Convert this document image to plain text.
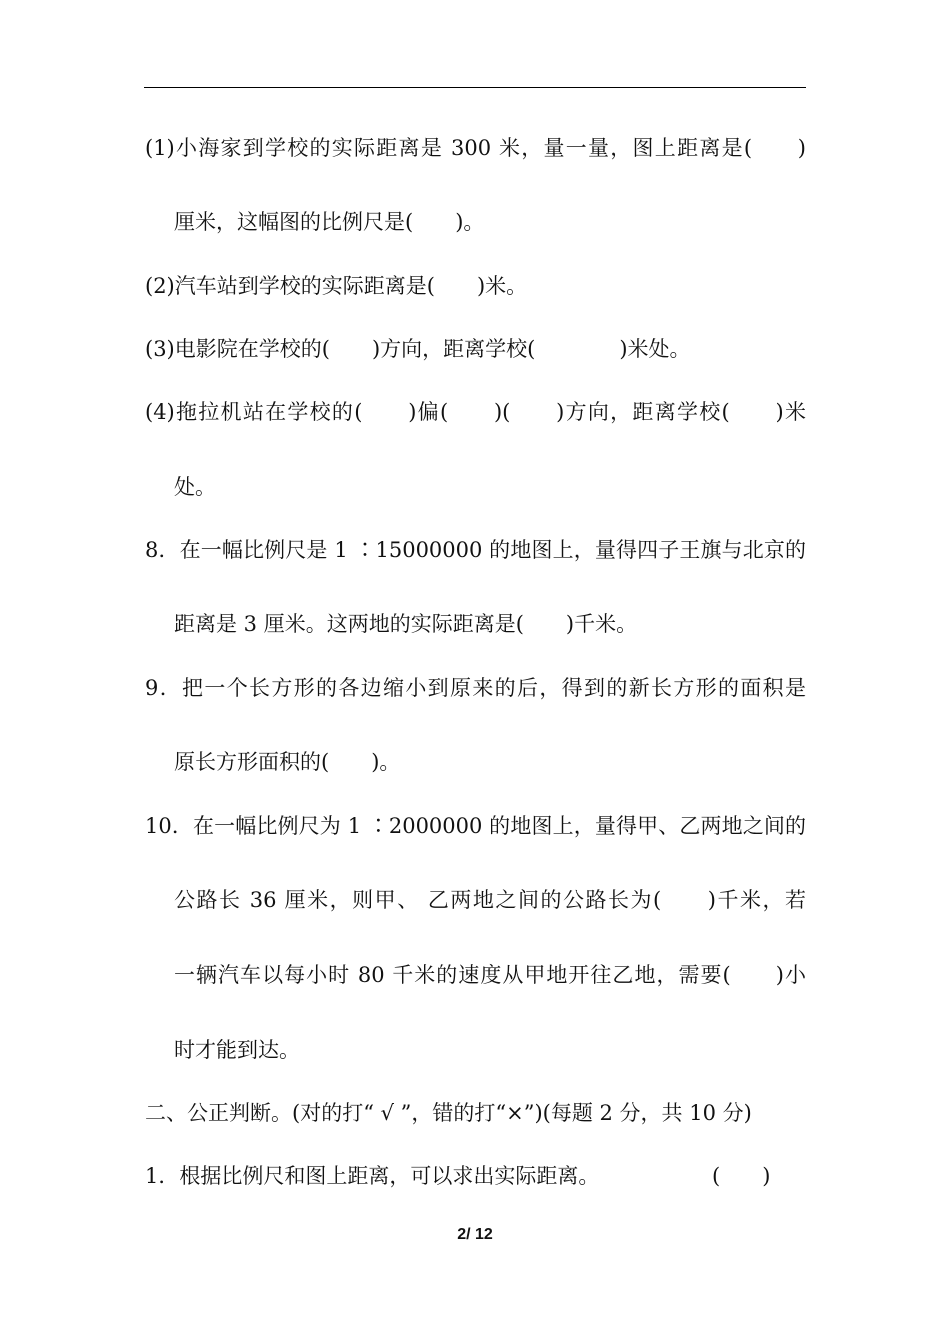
(1)小海家到学校的实际距离是 300 米，量一量，图上距离是(　　)
厘米，这幅图的比例尺是(　　)。
(2)汽车站到学校的实际距离是(　　)米。
(3)电影院在学校的(　　)方向，距离学校(　　　　)米处。
(4)拖拉机站在学校的(　　)偏(　　)(　　)方向，距离学校(　　)米
处。
8．在一幅比例尺是 1 ∶15000000 的地图上，量得四子王旗与北京的
距离是 3 厘米。这两地的实际距离是(　　)千米。
9．把一个长方形的各边缩小到原来的后，得到的新长方形的面积是
原长方形面积的(　　)。
10．在一幅比例尺为 1 ∶2000000 的地图上，量得甲、乙两地之间的
公路长 36 厘米，则甲、 乙两地之间的公路长为(　　)千米，若
一辆汽车以每小时 80 千米的速度从甲地开往乙地，需要(　　)小
时才能到达。
二、公正判断。(对的打“ √ ”，错的打“×”)(每题 2 分，共 10 分)
1．根据比例尺和图上距离，可以求出实际距离。	(　　)
2/ 12
